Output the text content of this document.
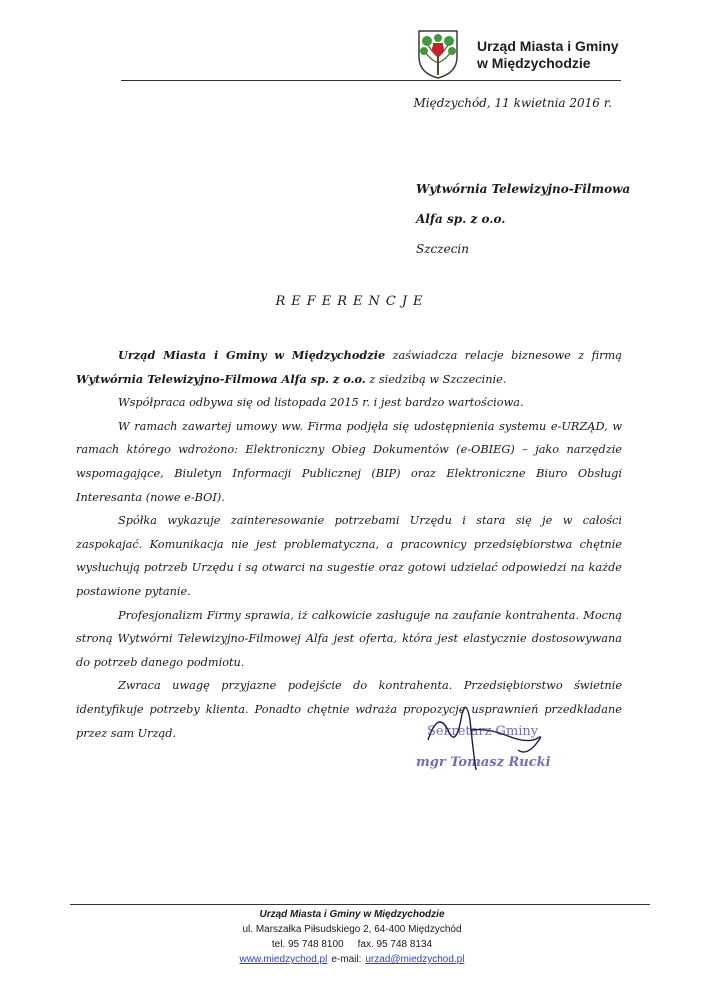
Urząd Miasta i Gminy
w Międzychodzie
Międzychód, 11 kwietnia 2016 r.
Wytwórnia Telewizyjno-Filmowa
Alfa sp. z o.o.
Szczecin
REFERENCJE

Urząd Miasta i Gminy w Międzychodzie zaświadcza relacje biznesowe z firmą Wytwórnia Telewizyjno-Filmowa Alfa sp. z o.o. z siedzibą w Szczecinie.

Współpraca odbywa się od listopada 2015 r. i jest bardzo wartościowa.

W ramach zawartej umowy ww. Firma podjęła się udostępnienia systemu e-URZĄD, w ramach którego wdrożono: Elektroniczny Obieg Dokumentów (e-OBIEG) – jako narzędzie wspomagające, Biuletyn Informacji Publicznej (BIP) oraz Elektroniczne Biuro Obsługi Interesanta (nowe e-BOI).

Spółka wykazuje zainteresowanie potrzebami Urzędu i stara się je w całości zaspokajać. Komunikacja nie jest problematyczna, a pracownicy przedsiębiorstwa chętnie wysłuchują potrzeb Urzędu i są otwarci na sugestie oraz gotowi udzielać odpowiedzi na każde postawione pytanie.

Profesjonalizm Firmy sprawia, iż całkowicie zasługuje na zaufanie kontrahenta. Mocną stroną Wytwórni Telewizyjno-Filmowej Alfa jest oferta, która jest elastycznie dostosowywana do potrzeb danego podmiotu.

Zwraca uwagę przyjazne podejście do kontrahenta. Przedsiębiorstwo świetnie identyfikuje potrzeby klienta. Ponadto chętnie wdraża propozycje usprawnień przedkładane przez sam Urząd.	Sekretarz Gminy
mgr Tomasz Rucki
Urząd Miasta i Gminy w Międzychodzie
ul. Marszałka Piłsudskiego 2, 64-400 Międzychód
tel. 95 748 8100 fax. 95 748 8134
www.miedzychod.pl e-mail: urzad@miedzychod.pl
